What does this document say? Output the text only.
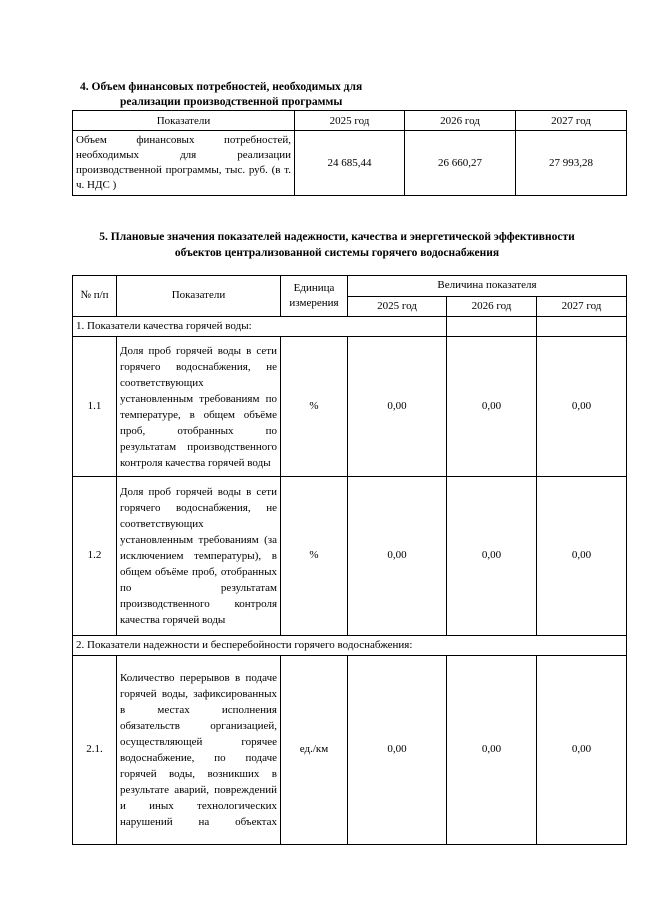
4. Объем финансовых потребностей, необходимых для
реализации производственной программы
Показатели	2025 год	2026 год	2027 год
Объем финансовых потребностей, необходимых для реализации производственной программы, тыс. руб. (в т. ч. НДС )	24 685,44	26 660,27	27 993,28
5. Плановые значения показателей надежности, качества и энергетической эффективности
объектов централизованной системы горячего водоснабжения
№ п/п	Показатели	Единица измерения	Величина показателя		
			2025 год	2026 год	2027 год
1. Показатели качества горячей воды:					
1.1	Доля проб горячей воды в сети горячего водоснабжения, не соответствующих установленным требованиям по температуре, в общем объёме проб, отобранных по результатам производственного контроля качества горячей воды	%	0,00	0,00	0,00
1.2	Доля проб горячей воды в сети горячего водоснабжения, не соответствующих установленным требованиям (за исключением температуры), в общем объёме проб, отобранных по результатам производственного контроля качества горячей воды	%	0,00	0,00	0,00
2. Показатели надежности и бесперебойности горячего водоснабжения:					
2.1.	Количество перерывов в подаче горячей воды, зафиксированных в местах исполнения обязательств организацией, осуществляющей горячее водоснабжение, по подаче горячей воды, возникших в результате аварий, повреждений и иных технологических нарушений на объектах	ед./км	0,00	0,00	0,00
